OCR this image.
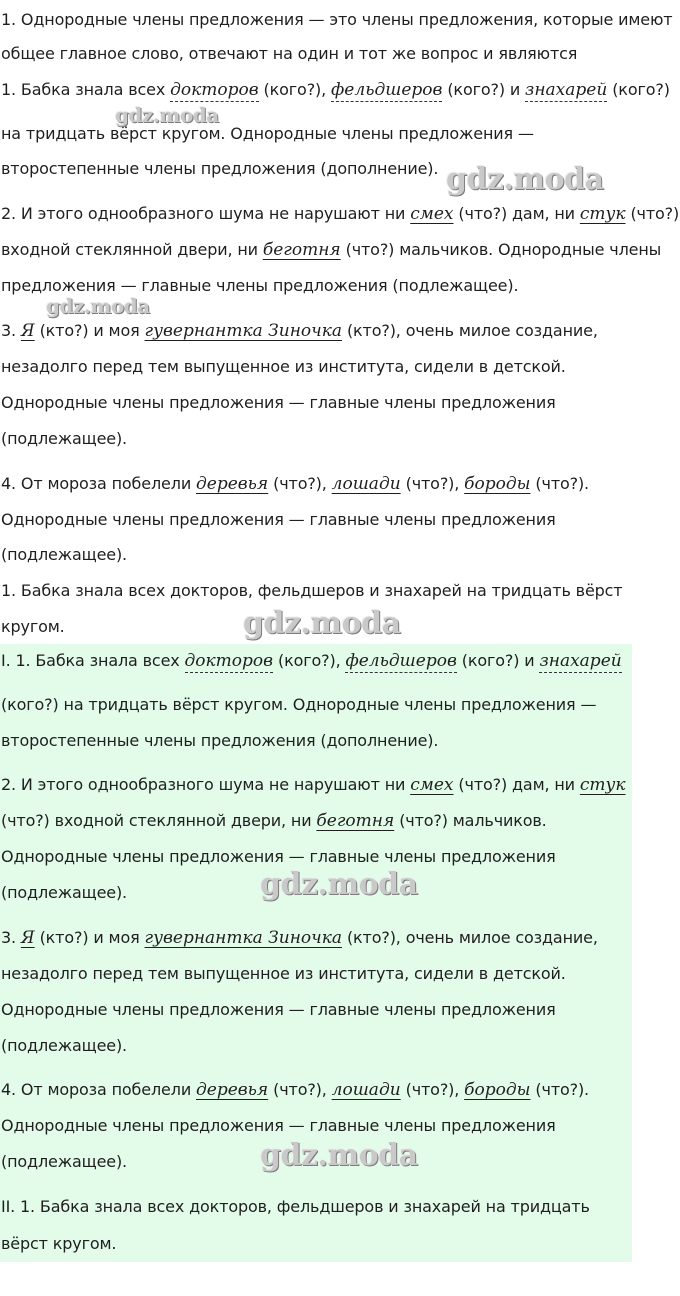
1. Однородные члены предложения — это члены предложения, которые имеют

общее главное слово, отвечают на один и тот же вопрос и являются

1. Бабка знала всех докторов (кого?), фельдшеров (кого?) и знахарей (кого?)

на тридцать вёрст кругом. Однородные члены предложения —

второстепенные члены предложения (дополнение).

2. И этого однообразного шума не нарушают ни смех (что?) дам, ни стук (что?)

входной стеклянной двери, ни беготня (что?) мальчиков. Однородные члены

предложения — главные члены предложения (подлежащее).

3. Я (кто?) и моя гувернантка Зиночка (кто?), очень милое создание,

незадолго перед тем выпущенное из института, сидели в детской.

Однородные члены предложения — главные члены предложения

(подлежащее).

4. От мороза побелели деревья (что?), лошади (что?), бороды (что?).

Однородные члены предложения — главные члены предложения

(подлежащее).

1. Бабка знала всех докторов, фельдшеров и знахарей на тридцать вёрст

кругом.

I. 1. Бабка знала всех докторов (кого?), фельдшеров (кого?) и знахарей

(кого?) на тридцать вёрст кругом. Однородные члены предложения —

второстепенные члены предложения (дополнение).

2. И этого однообразного шума не нарушают ни смех (что?) дам, ни стук

(что?) входной стеклянной двери, ни беготня (что?) мальчиков.

Однородные члены предложения — главные члены предложения

(подлежащее).

3. Я (кто?) и моя гувернантка Зиночка (кто?), очень милое создание,

незадолго перед тем выпущенное из института, сидели в детской.

Однородные члены предложения — главные члены предложения

(подлежащее).

4. От мороза побелели деревья (что?), лошади (что?), бороды (что?).

Однородные члены предложения — главные члены предложения

(подлежащее).

II. 1. Бабка знала всех докторов, фельдшеров и знахарей на тридцать

вёрст кругом.

gdz.moda
gdz.moda
gdz.moda
gdz.moda
gdz.moda
gdz.moda
